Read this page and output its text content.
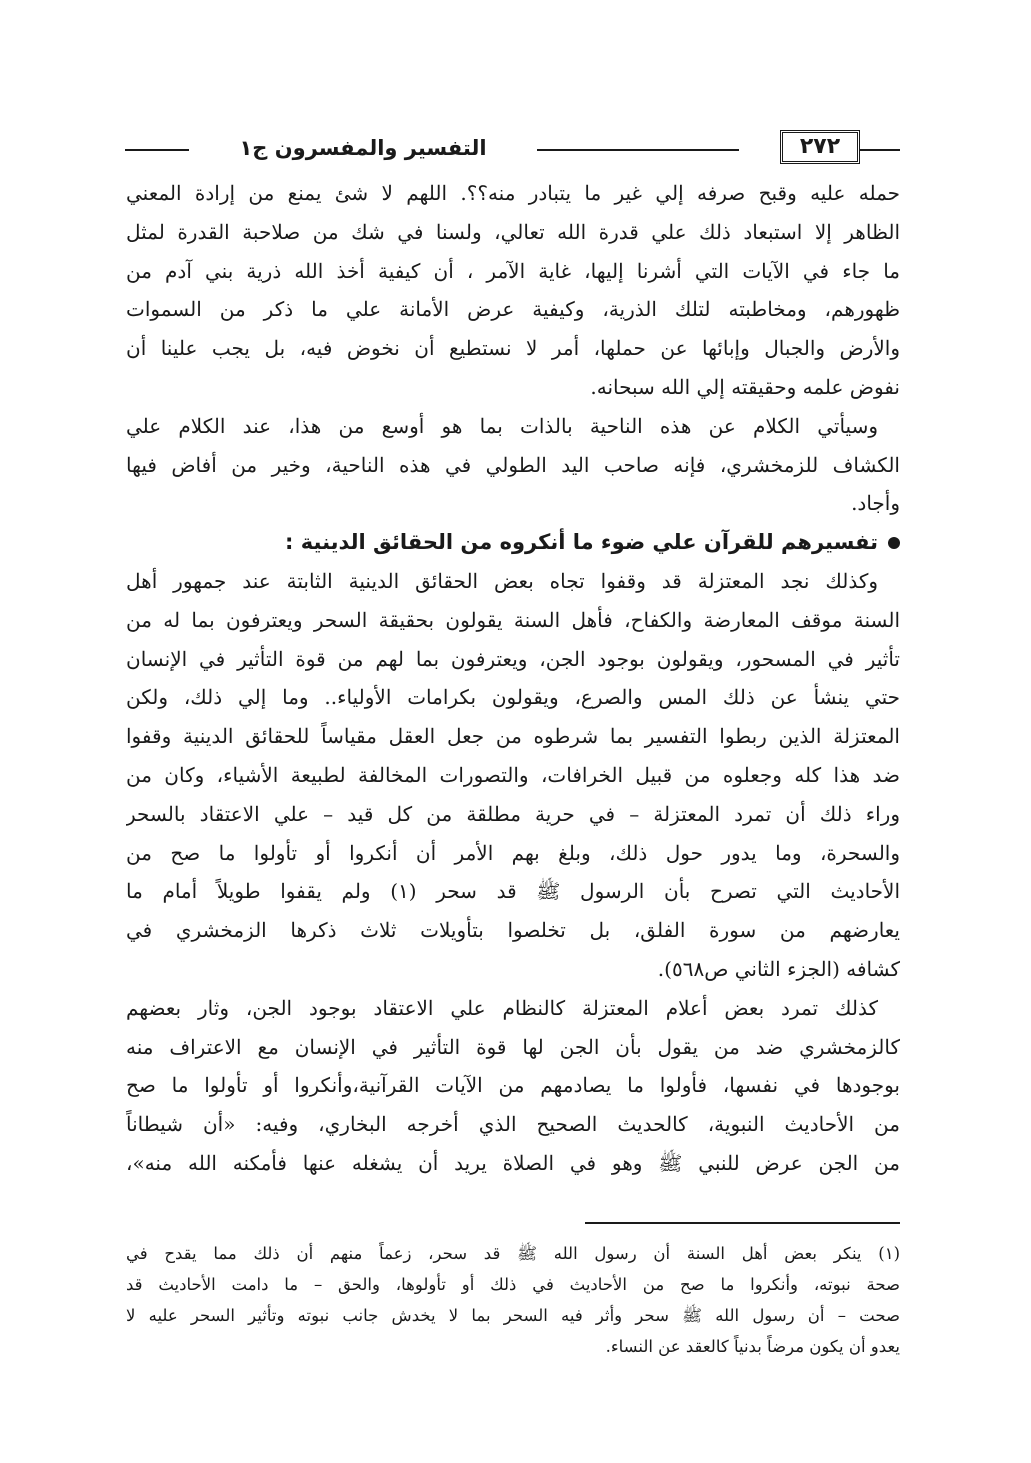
٢٧٢
التفسير والمفسرون ج١
حمله عليه وقبح صرفه إلي غير ما يتبادر منه؟؟. اللهم لا شئ يمنع من إرادة المعني
الظاهر إلا استبعاد ذلك علي قدرة الله تعالي، ولسنا في شك من صلاحبة القدرة لمثل
ما جاء في الآيات التي أشرنا إليها، غاية الآمر ، أن كيفية أخذ الله ذرية بني آدم من
ظهورهم، ومخاطبته لتلك الذرية، وكيفية عرض الأمانة علي ما ذكر من السموات
والأرض والجبال وإبائها عن حملها، أمر لا نستطيع أن نخوض فيه، بل يجب علينا أن
نفوض علمه وحقيقته إلي الله سبحانه.
وسيأتي الكلام عن هذه الناحية بالذات بما هو أوسع من هذا، عند الكلام علي
الكشاف للزمخشري، فإنه صاحب اليد الطولي في هذه الناحية، وخير من أفاض فيها
وأجاد.
تفسيرهم للقرآن علي ضوء ما أنكروه من الحقائق الدينية :
وكذلك نجد المعتزلة قد وقفوا تجاه بعض الحقائق الدينية الثابتة عند جمهور أهل
السنة موقف المعارضة والكفاح، فأهل السنة يقولون بحقيقة السحر ويعترفون بما له من
تأثير في المسحور، ويقولون بوجود الجن، ويعترفون بما لهم من قوة التأثير في الإنسان
حتي ينشأ عن ذلك المس والصرع، ويقولون بكرامات الأولياء.. وما إلي ذلك، ولكن
المعتزلة الذين ربطوا التفسير بما شرطوه من جعل العقل مقياساً للحقائق الدينية وقفوا
ضد هذا كله وجعلوه من قبيل الخرافات، والتصورات المخالفة لطبيعة الأشياء، وكان من
وراء ذلك أن تمرد المعتزلة – في حرية مطلقة من كل قيد – علي الاعتقاد بالسحر
والسحرة، وما يدور حول ذلك، وبلغ بهم الأمر أن أنكروا أو تأولوا ما صح من
الأحاديث التي تصرح بأن الرسول ﷺ قد سحر (١) ولم يقفوا طويلاً أمام ما
يعارضهم من سورة الفلق، بل تخلصوا بتأويلات ثلاث ذكرها الزمخشري في
كشافه (الجزء الثاني ص٥٦٨).
كذلك تمرد بعض أعلام المعتزلة كالنظام علي الاعتقاد بوجود الجن، وثار بعضهم
كالزمخشري ضد من يقول بأن الجن لها قوة التأثير في الإنسان مع الاعتراف منه
بوجودها في نفسها، فأولوا ما يصادمهم من الآيات القرآنية،وأنكروا أو تأولوا ما صح
من الأحاديث النبوية، كالحديث الصحيح الذي أخرجه البخاري، وفيه: «أن شيطاناً
من الجن عرض للنبي ﷺ وهو في الصلاة يريد أن يشغله عنها فأمكنه الله منه»،
(١) ينكر بعض أهل السنة أن رسول الله ﷺ قد سحر، زعماً منهم أن ذلك مما يقدح في
صحة نبوته، وأنكروا ما صح من الأحاديث في ذلك أو تأولوها، والحق – ما دامت الأحاديث قد
صحت – أن رسول الله ﷺ سحر وأثر فيه السحر بما لا يخدش جانب نبوته وتأثير السحر عليه لا
يعدو أن يكون مرضاً بدنياً كالعقد عن النساء.
